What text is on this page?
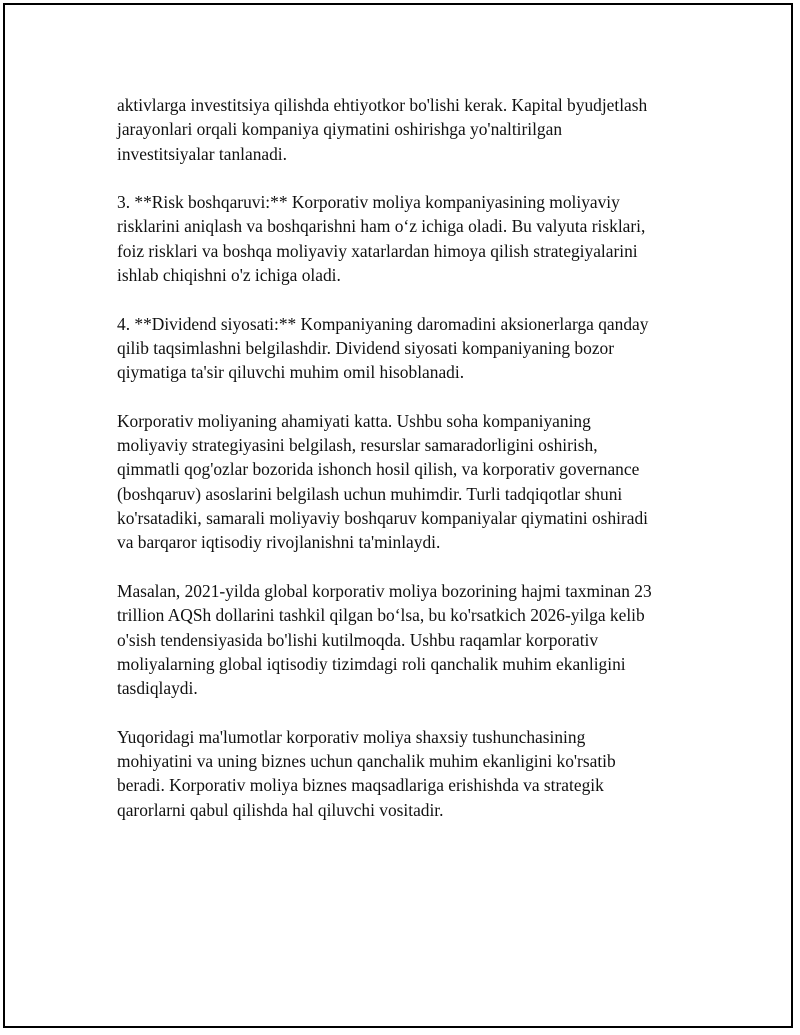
aktivlarga investitsiya qilishda ehtiyotkor bo'lishi kerak. Kapital byudjetlash
jarayonlari orqali kompaniya qiymatini oshirishga yo'naltirilgan
investitsiyalar tanlanadi.

3. **Risk boshqaruvi:** Korporativ moliya kompaniyasining moliyaviy
risklarini aniqlash va boshqarishni ham o‘z ichiga oladi. Bu valyuta risklari,
foiz risklari va boshqa moliyaviy xatarlardan himoya qilish strategiyalarini
ishlab chiqishni o'z ichiga oladi.

4. **Dividend siyosati:** Kompaniyaning daromadini aksionerlarga qanday
qilib taqsimlashni belgilashdir. Dividend siyosati kompaniyaning bozor
qiymatiga ta'sir qiluvchi muhim omil hisoblanadi.

Korporativ moliyaning ahamiyati katta. Ushbu soha kompaniyaning
moliyaviy strategiyasini belgilash, resurslar samaradorligini oshirish,
qimmatli qog'ozlar bozorida ishonch hosil qilish, va korporativ governance
(boshqaruv) asoslarini belgilash uchun muhimdir. Turli tadqiqotlar shuni
ko'rsatadiki, samarali moliyaviy boshqaruv kompaniyalar qiymatini oshiradi
va barqaror iqtisodiy rivojlanishni ta'minlaydi.

Masalan, 2021-yilda global korporativ moliya bozorining hajmi taxminan 23
trillion AQSh dollarini tashkil qilgan bo‘lsa, bu ko'rsatkich 2026-yilga kelib
o'sish tendensiyasida bo'lishi kutilmoqda. Ushbu raqamlar korporativ
moliyalarning global iqtisodiy tizimdagi roli qanchalik muhim ekanligini
tasdiqlaydi.

Yuqoridagi ma'lumotlar korporativ moliya shaxsiy tushunchasining
mohiyatini va uning biznes uchun qanchalik muhim ekanligini ko'rsatib
beradi. Korporativ moliya biznes maqsadlariga erishishda va strategik
qarorlarni qabul qilishda hal qiluvchi vositadir.
